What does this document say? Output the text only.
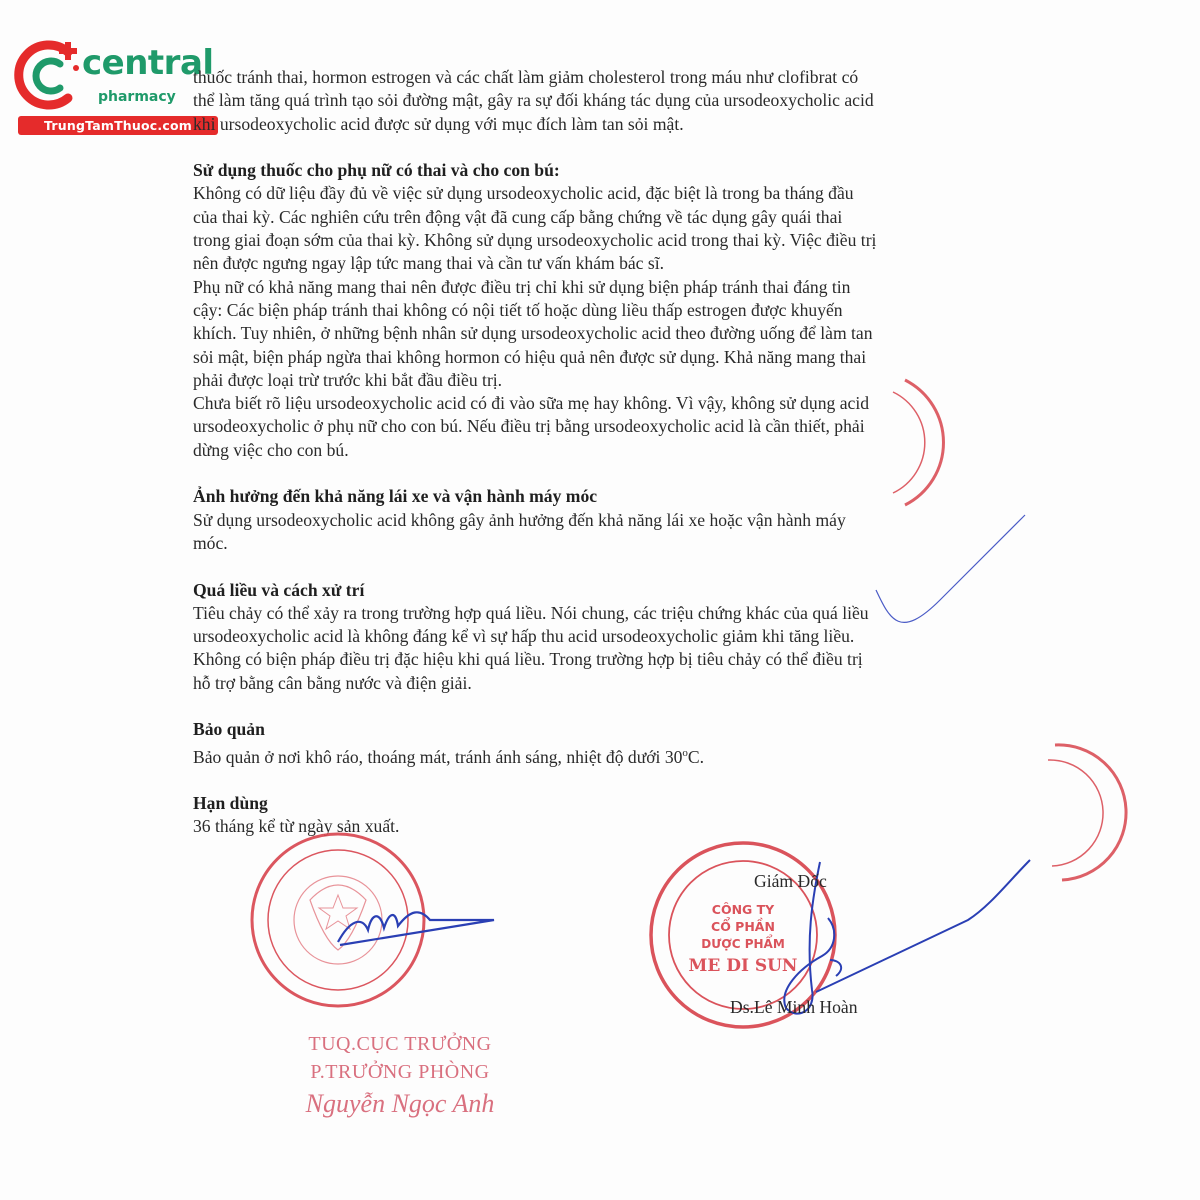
central
pharmacy
TrungTamThuoc.com

thuốc tránh thai, hormon estrogen và các chất làm giảm cholesterol trong máu như clofibrat có

thể làm tăng quá trình tạo sỏi đường mật, gây ra sự đối kháng tác dụng của ursodeoxycholic acid

khi ursodeoxycholic acid được sử dụng với mục đích làm tan sỏi mật.

Sử dụng thuốc cho phụ nữ có thai và cho con bú:

Không có dữ liệu đầy đủ về việc sử dụng ursodeoxycholic acid, đặc biệt là trong ba tháng đầu

của thai kỳ. Các nghiên cứu trên động vật đã cung cấp bằng chứng về tác dụng gây quái thai

trong giai đoạn sớm của thai kỳ. Không sử dụng ursodeoxycholic acid trong thai kỳ. Việc điều trị

nên được ngưng ngay lập tức mang thai và cần tư vấn khám bác sĩ.

Phụ nữ có khả năng mang thai nên được điều trị chỉ khi sử dụng biện pháp tránh thai đáng tin

cậy: Các biện pháp tránh thai không có nội tiết tố hoặc dùng liều thấp estrogen được khuyến

khích. Tuy nhiên, ở những bệnh nhân sử dụng ursodeoxycholic acid theo đường uống để làm tan

sỏi mật, biện pháp ngừa thai không hormon có hiệu quả nên được sử dụng. Khả năng mang thai

phải được loại trừ trước khi bắt đầu điều trị.

Chưa biết rõ liệu ursodeoxycholic acid có đi vào sữa mẹ hay không. Vì vậy, không sử dụng acid

ursodeoxycholic ở phụ nữ cho con bú. Nếu điều trị bằng ursodeoxycholic acid là cần thiết, phải

dừng việc cho con bú.

Ảnh hưởng đến khả năng lái xe và vận hành máy móc

Sử dụng ursodeoxycholic acid không gây ảnh hưởng đến khả năng lái xe hoặc vận hành máy

móc.

Quá liều và cách xử trí

Tiêu chảy có thể xảy ra trong trường hợp quá liều. Nói chung, các triệu chứng khác của quá liều

ursodeoxycholic acid là không đáng kể vì sự hấp thu acid ursodeoxycholic giảm khi tăng liều.

Không có biện pháp điều trị đặc hiệu khi quá liều. Trong trường hợp bị tiêu chảy có thể điều trị

hỗ trợ bằng cân bằng nước và điện giải.

Bảo quản

Bảo quản ở nơi khô ráo, thoáng mát, tránh ánh sáng, nhiệt độ dưới 30$^o$C.

Hạn dùng

36 tháng kể từ ngày sản xuất.

CÔNG TY
CỔ PHẦN
DƯỢC PHẨM
ME DI SUN
Giám Đốc
Ds.Lê Minh Hoàn
TUQ.CỤC TRƯỞNG
P.TRƯỞNG PHÒNG
Nguyễn Ngọc Anh
